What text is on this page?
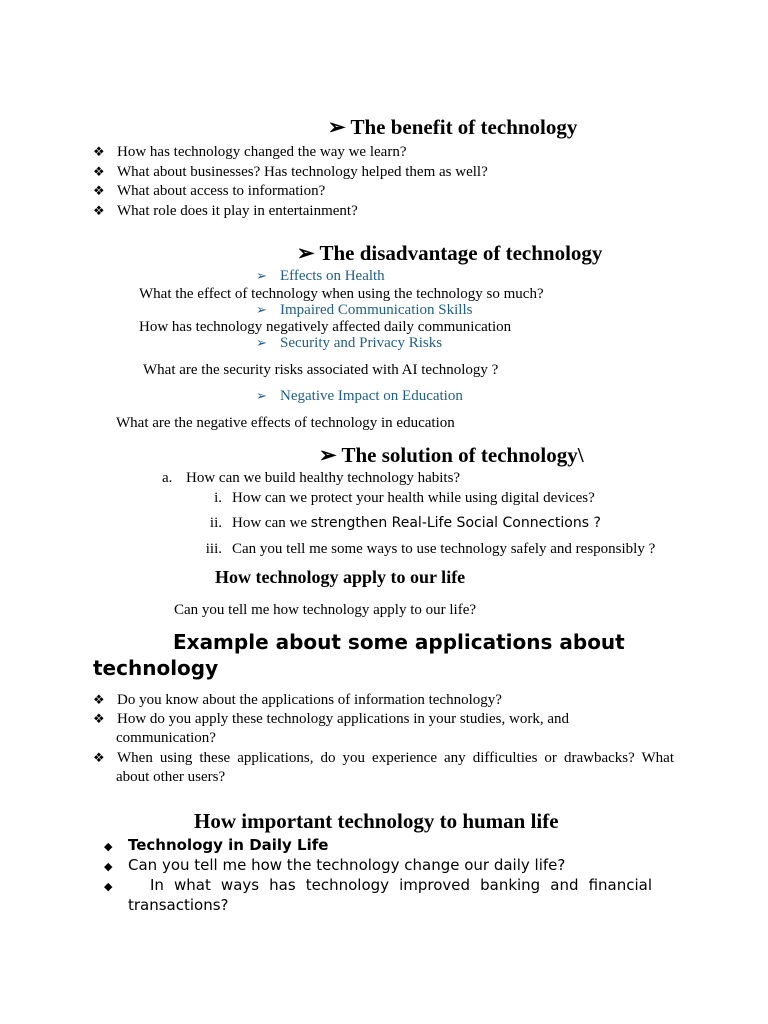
➢ The benefit of technology
❖ How has technology changed the way we learn?
❖ What about businesses? Has technology helped them as well?
❖ What about access to information?
❖ What role does it play in entertainment?
➢ The disadvantage of technology
➢ Effects on Health
What the effect of technology when using the technology so much?
➢ Impaired Communication Skills
How has technology negatively affected daily communication
➢ Security and Privacy Risks
What are the security risks associated with AI technology ?
➢ Negative Impact on Education
What are the negative effects of technology in education
➢ The solution of technology\
a. How can we build healthy technology habits?
i. How can we protect your health while using digital devices?
ii. How can we strengthen Real-Life Social Connections ?
iii. Can you tell me some ways to use technology safely and responsibly ?
How technology apply to our life
Can you tell me how technology apply to our life?
Example about some applications about
technology
❖ Do you know about the applications of information technology?
❖ How do you apply these technology applications in your studies, work, and
communication?
❖ When using these applications, do you experience any difficulties or drawbacks? What
about other users?
How important technology to human life
◆ Technology in Daily Life
◆ Can you tell me how the technology change our daily life?
◆	In what ways has technology improved banking and financial
transactions?
